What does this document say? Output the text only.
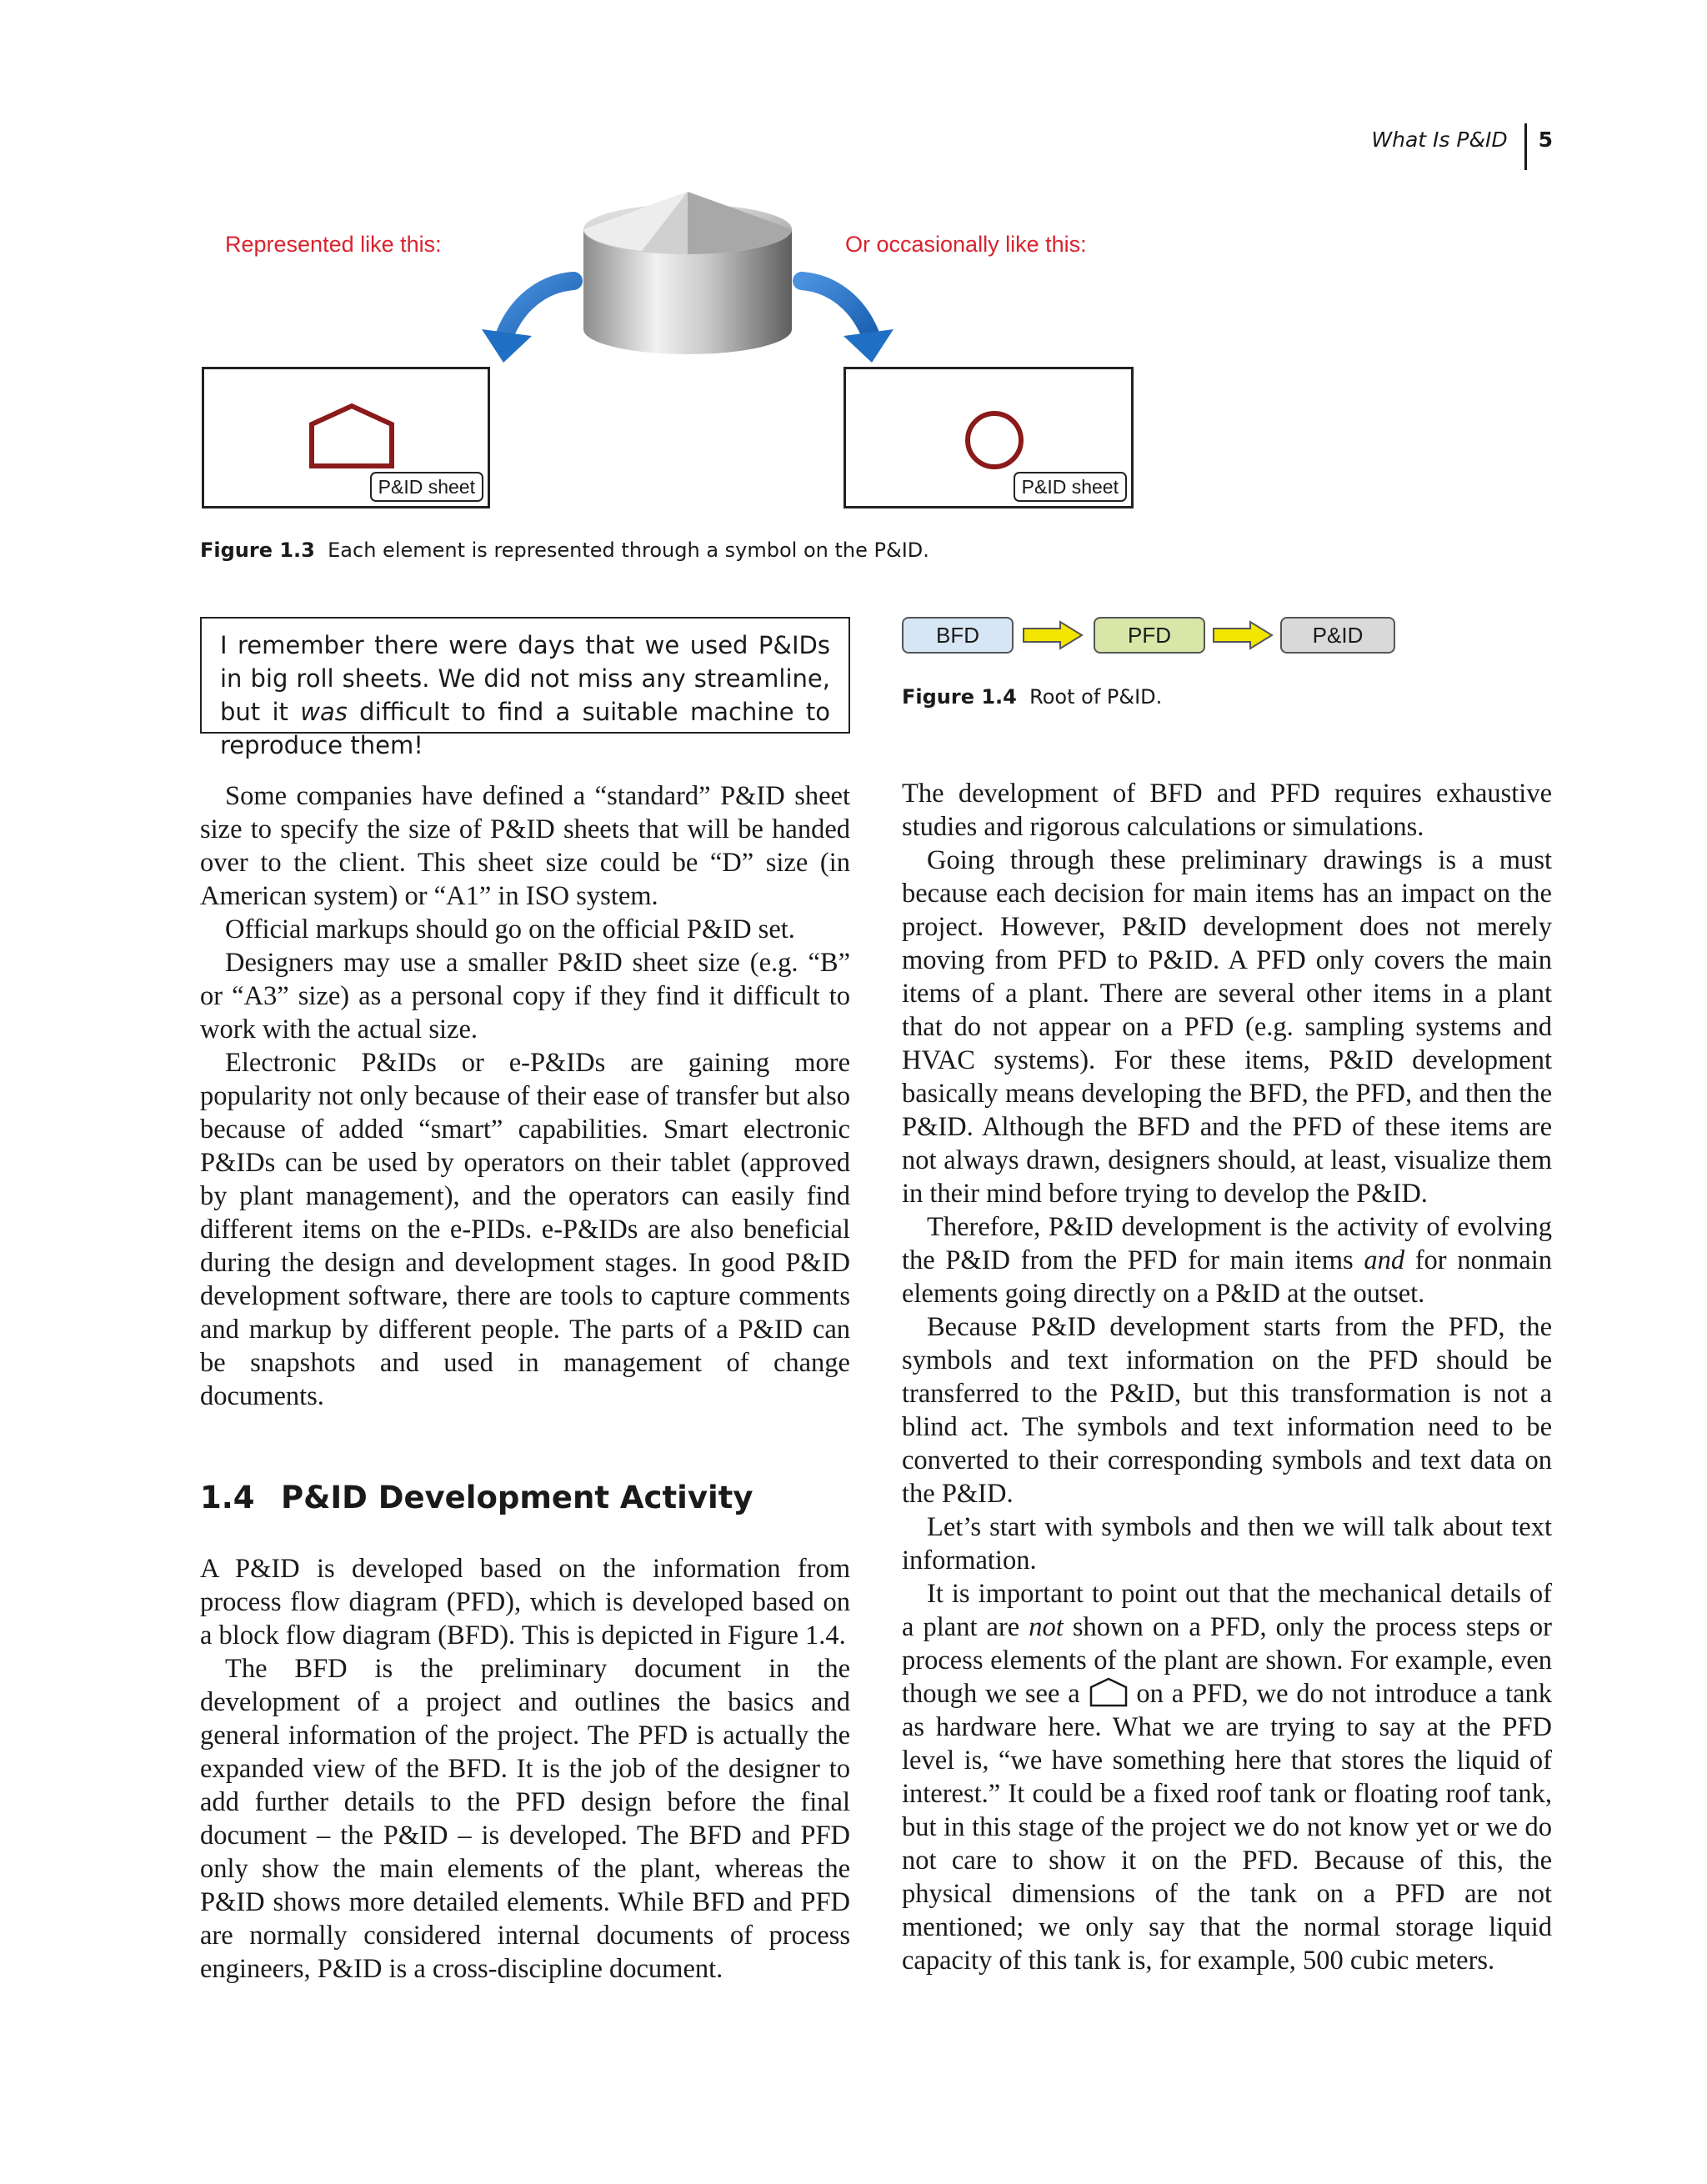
What Is P&ID	5
Represented like this:	Or occasionally like this:
P&ID sheet	P&ID sheet
Figure 1.3 Each element is represented through a symbol on the P&ID.
I remember there were days that we used P&IDs in big roll sheets. We did not miss any streamline, but it was difficult to find a suitable machine to reproduce them!
BFD	PFD	P&ID
Figure 1.4 Root of P&ID.

Some companies have defined a “standard” P&ID sheet size to specify the size of P&ID sheets that will be handed over to the client. This sheet size could be “D” size (in American system) or “A1” in ISO system.

Official markups should go on the official P&ID set.

Designers may use a smaller P&ID sheet size (e.g. “B” or “A3” size) as a personal copy if they find it difficult to work with the actual size.

Electronic P&IDs or e-P&IDs are gaining more popularity not only because of their ease of transfer but also because of added “smart” capabilities. Smart electronic P&IDs can be used by operators on their tablet (approved by plant management), and the operators can easily find different items on the e-PIDs. e-P&IDs are also beneficial during the design and development stages. In good P&ID development software, there are tools to capture comments and markup by different people. The parts of a P&ID can be snapshots and used in management of change documents.

1.4 P&ID Development Activity

A P&ID is developed based on the information from process flow diagram (PFD), which is developed based on a block flow diagram (BFD). This is depicted in Figure 1.4.

The BFD is the preliminary document in the development of a project and outlines the basics and general information of the project. The PFD is actually the expanded view of the BFD. It is the job of the designer to add further details to the PFD design before the final document – the P&ID – is developed. The BFD and PFD only show the main elements of the plant, whereas the P&ID shows more detailed elements. While BFD and PFD are normally considered internal documents of process engineers, P&ID is a cross-discipline document.

The development of BFD and PFD requires exhaustive studies and rigorous calculations or simulations.

Going through these preliminary drawings is a must because each decision for main items has an impact on the project. However, P&ID development does not merely moving from PFD to P&ID. A PFD only covers the main items of a plant. There are several other items in a plant that do not appear on a PFD (e.g. sampling systems and HVAC systems). For these items, P&ID development basically means developing the BFD, the PFD, and then the P&ID. Although the BFD and the PFD of these items are not always drawn, designers should, at least, visualize them in their mind before trying to develop the P&ID.

Therefore, P&ID development is the activity of evolving the P&ID from the PFD for main items and for nonmain elements going directly on a P&ID at the outset.

Because P&ID development starts from the PFD, the symbols and text information on the PFD should be transferred to the P&ID, but this transformation is not a blind act. The symbols and text information need to be converted to their corresponding symbols and text data on the P&ID.

Let’s start with symbols and then we will talk about text information.

It is important to point out that the mechanical details of a plant are not shown on a PFD, only the process steps or process elements of the plant are shown. For example, even though we see a  on a PFD, we do not introduce a tank as hardware here. What we are trying to say at the PFD level is, “we have something here that stores the liquid of interest.” It could be a fixed roof tank or floating roof tank, but in this stage of the project we do not know yet or we do not care to show it on the PFD. Because of this, the physical dimensions of the tank on a PFD are not mentioned; we only say that the normal storage liquid capacity of this tank is, for example, 500 cubic meters.
